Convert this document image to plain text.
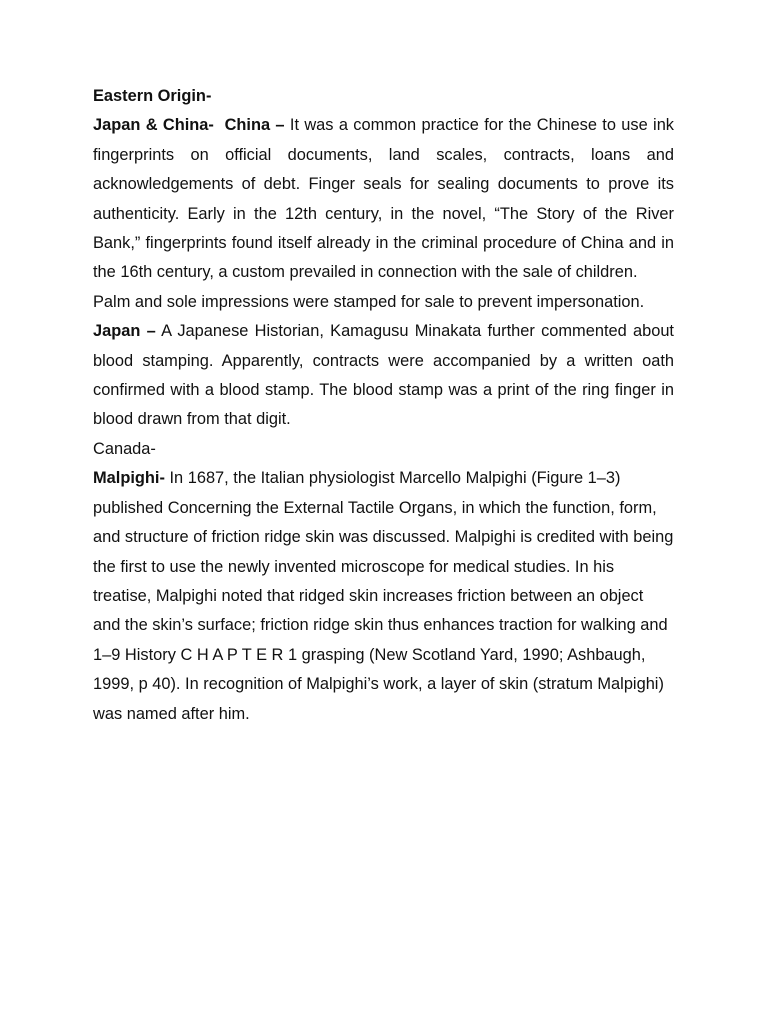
Eastern Origin-

Japan & China- China – It was a common practice for the Chinese to use ink fingerprints on official documents, land scales, contracts, loans and acknowledgements of debt. Finger seals for sealing documents to prove its authenticity. Early in the 12th century, in the novel, “The Story of the River Bank,” fingerprints found itself already in the criminal procedure of China and in the 16th century, a custom prevailed in connection with the sale of children.

Palm and sole impressions were stamped for sale to prevent impersonation.

Japan – A Japanese Historian, Kamagusu Minakata further commented about blood stamping. Apparently, contracts were accompanied by a written oath confirmed with a blood stamp. The blood stamp was a print of the ring finger in blood drawn from that digit.

Canada-

Malpighi- In 1687, the Italian physiologist Marcello Malpighi (Figure 1–3) published Concerning the External Tactile Organs, in which the function, form, and structure of friction ridge skin was discussed. Malpighi is credited with being the first to use the newly invented microscope for medical studies. In his treatise, Malpighi noted that ridged skin increases friction between an object and the skin’s surface; friction ridge skin thus enhances traction for walking and 1–9 History C H A P T E R 1 grasping (New Scotland Yard, 1990; Ashbaugh, 1999, p 40). In recognition of Malpighi’s work, a layer of skin (stratum Malpighi) was named after him.
